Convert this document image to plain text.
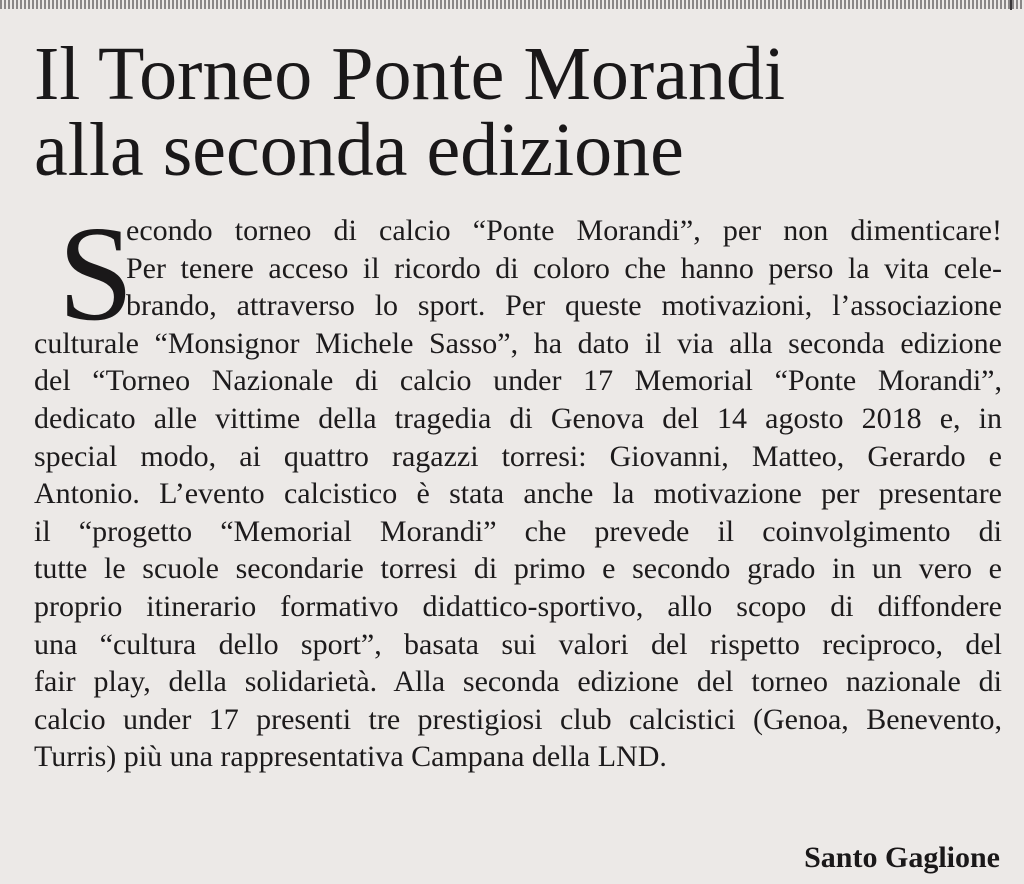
Il Torneo Ponte Morandi
alla seconda edizione
S
econdo torneo di calcio “Ponte Morandi”, per non dimenticare!
Per tenere acceso il ricordo di coloro che hanno perso la vita cele-
brando, attraverso lo sport. Per queste motivazioni, l’associazione
culturale “Monsignor Michele Sasso”, ha dato il via alla seconda edizione
del “Torneo Nazionale di calcio under 17 Memorial “Ponte Morandi”,
dedicato alle vittime della tragedia di Genova del 14 agosto 2018 e, in
special modo, ai quattro ragazzi torresi: Giovanni, Matteo, Gerardo e
Antonio. L’evento calcistico è stata anche la motivazione per presentare
il “progetto “Memorial Morandi” che prevede il coinvolgimento di
tutte le scuole secondarie torresi di primo e secondo grado in un vero e
proprio itinerario formativo didattico-sportivo, allo scopo di diffondere
una “cultura dello sport”, basata sui valori del rispetto reciproco, del
fair play, della solidarietà. Alla seconda edizione del torneo nazionale di
calcio under 17 presenti tre prestigiosi club calcistici (Genoa, Benevento,
Turris) più una rappresentativa Campana della LND.
Santo Gaglione
